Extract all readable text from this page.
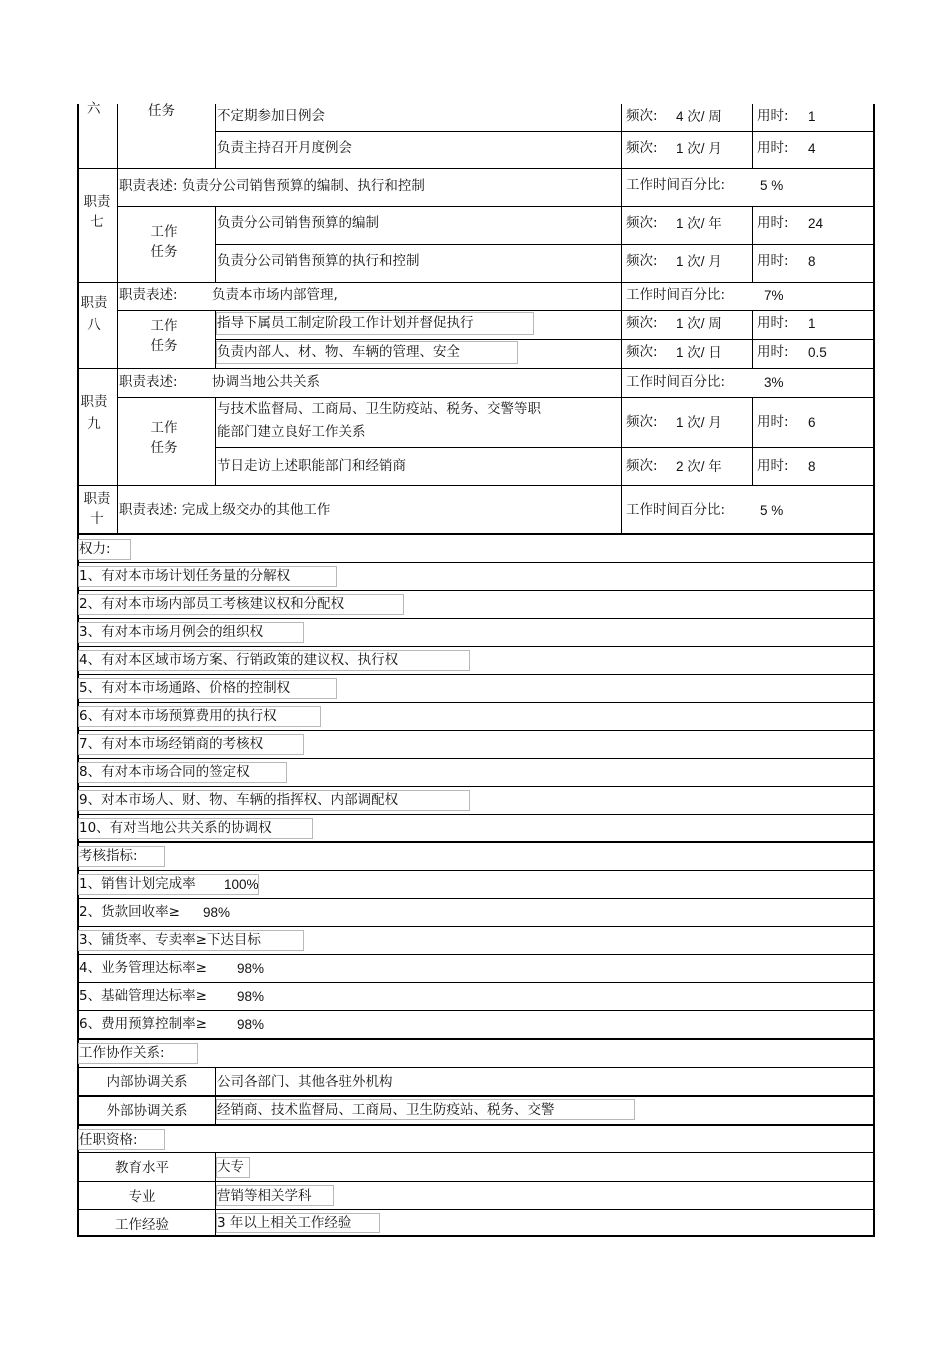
六	任务	不定期参加日例会	频次: 4 次/ 周	用时: 1
负责主持召开月度例会	频次: 1 次/ 月	用时: 4
职责七
职责表述: 负责分公司销售预算的编制、执行和控制	工作时间百分比:	5 %
工作任务
负责分公司销售预算的编制	频次: 1 次/ 年	用时: 24
负责分公司销售预算的执行和控制	频次: 1 次/ 月	用时: 8
职责八
职责表述:	负责本市场内部管理,	工作时间百分比:	7%
工作任务
指导下属员工制定阶段工作计划并督促执行	频次: 1 次/ 周	用时: 1
负责内部人、材、物、车辆的管理、安全	频次: 1 次/ 日	用时: 0.5
职责九
职责表述:	协调当地公共关系	工作时间百分比:	3%
工作任务
与技术监督局、工商局、卫生防疫站、税务、交警等职
能部门建立良好工作关系
频次: 1 次/ 月	用时: 6
节日走访上述职能部门和经销商	频次: 2 次/ 年	用时: 8
职责十
职责表述: 完成上级交办的其他工作	工作时间百分比:	5 %
权力:
1、有对本市场计划任务量的分解权
2、有对本市场内部员工考核建议权和分配权
3、有对本市场月例会的组织权
4、有对本区域市场方案、行销政策的建议权、执行权
5、有对本市场通路、价格的控制权
6、有对本市场预算费用的执行权
7、有对本市场经销商的考核权
8、有对本市场合同的签定权
9、对本市场人、财、物、车辆的指挥权、内部调配权
10、有对当地公共关系的协调权
考核指标:
1、销售计划完成率 100%
2、货款回收率≥ 98%
3、铺货率、专卖率≥下达目标
4、业务管理达标率≥ 98%
5、基础管理达标率≥ 98%
6、费用预算控制率≥ 98%
工作协作关系:
内部协调关系	公司各部门、其他各驻外机构
外部协调关系	经销商、技术监督局、工商局、卫生防疫站、税务、交警
任职资格:
教育水平	大专
专业	营销等相关学科
工作经验	3 年以上相关工作经验
